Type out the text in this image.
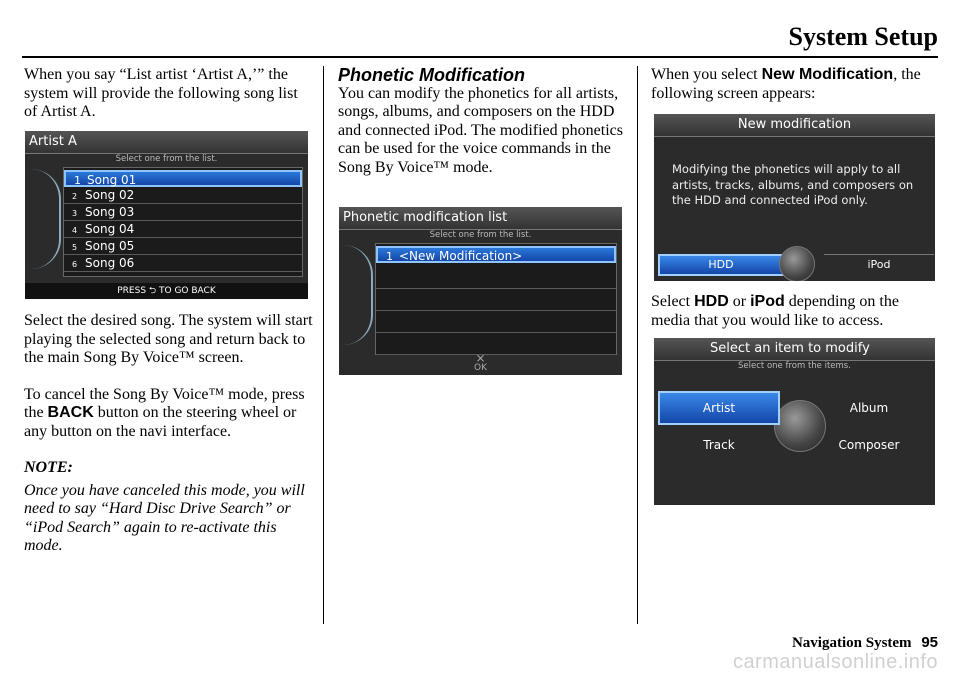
System Setup

When you say “List artist ‘Artist A,’” the system will provide the following song list of Artist A.

Artist A
Select one from the list.
1 Song 01
2 Song 02
3 Song 03
4 Song 04
5 Song 05
6 Song 06
PRESS ⮌ TO GO BACK

Select the desired song. The system will start playing the selected song and return back to the main Song By Voice™ screen.

To cancel the Song By Voice™ mode, press the BACK button on the steering wheel or any button on the navi interface.

NOTE:

Once you have canceled this mode, you will need to say “Hard Disc Drive Search” or “iPod Search” again to re-activate this mode.

Phonetic Modification

You can modify the phonetics for all artists, songs, albums, and composers on the HDD and connected iPod. The modified phonetics can be used for the voice commands in the Song By Voice™ mode.

Phonetic modification list
Select one from the list.
1 <New Modification>
⨯
OK

When you select New Modification, the following screen appears:

New modification
Modifying the phonetics will apply to all artists, tracks, albums, and composers on the HDD and connected iPod only.
HDD	iPod

Select HDD or iPod depending on the media that you would like to access.

Select an item to modify
Select one from the items.
Artist	Album
Track	Composer
Navigation System 95
carmanualsonline.info
